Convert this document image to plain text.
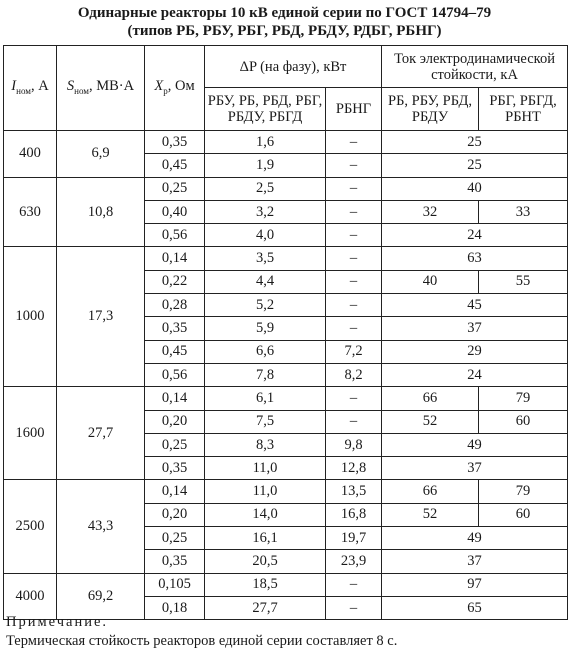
Одинарные реакторы 10 кВ единой серии по ГОСТ 14794–79
(типов РБ, РБУ, РБГ, РБД, РБДУ, РДБГ, РБНГ)
$I_{ном}$, А	$S_{ном}$, МВ·А	$X_р$, Ом	ΔP (на фазу), кВт		Ток электродинамической стойкости, кА	
			РБУ, РБ, РБД, РБГ, РБДУ, РБГД	РБНГ	РБ, РБУ, РБД, РБДУ	РБГ, РБГД, РБНТ
400	6,9	0,35	1,6	–	25	
		0,45	1,9	–	25	
630	10,8	0,25	2,5	–	40	
		0,40	3,2	–	32	33
		0,56	4,0	–	24	
1000	17,3	0,14	3,5	–	63	
		0,22	4,4	–	40	55
		0,28	5,2	–	45	
		0,35	5,9	–	37	
		0,45	6,6	7,2	29	
		0,56	7,8	8,2	24	
1600	27,7	0,14	6,1	–	66	79
		0,20	7,5	–	52	60
		0,25	8,3	9,8	49	
		0,35	11,0	12,8	37	
2500	43,3	0,14	11,0	13,5	66	79
		0,20	14,0	16,8	52	60
		0,25	16,1	19,7	49	
		0,35	20,5	23,9	37	
4000	69,2	0,105	18,5	–	97	
		0,18	27,7	–	65	
Примечание.
Термическая стойкость реакторов единой серии составляет 8 с.
